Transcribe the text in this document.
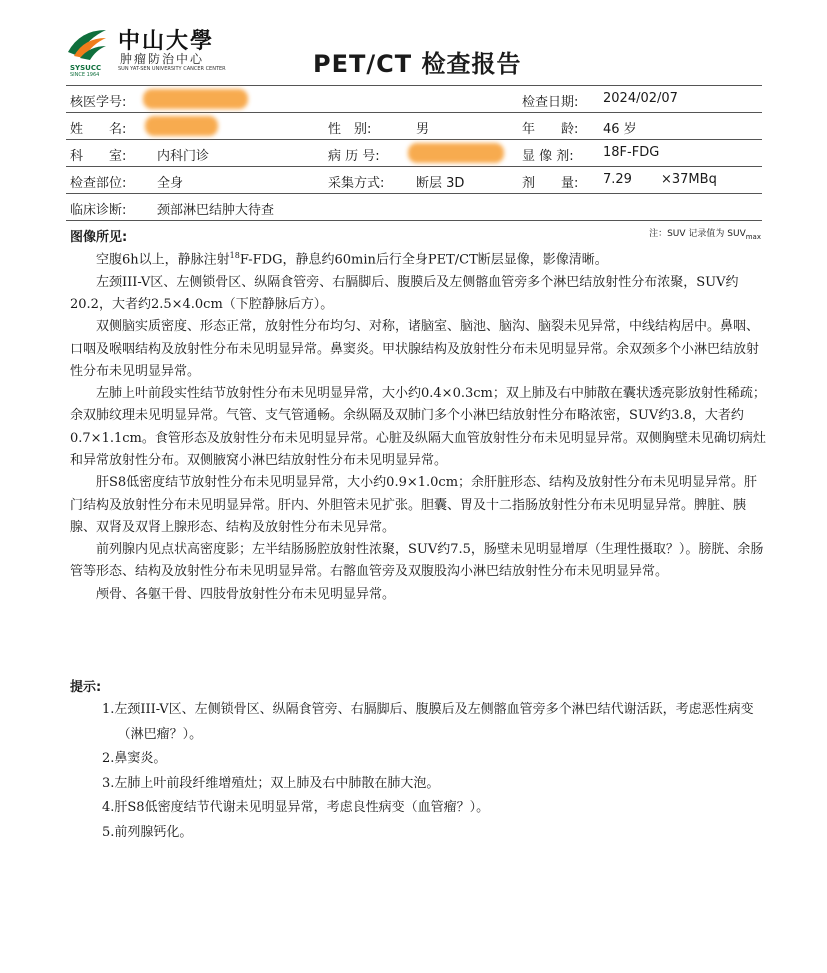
中山大學
肿瘤防治中心
SUN YAT-SEN UNIVERSITY CANCER CENTER
SYSUCC
SINCE 1964	PET/CT 检查报告
核医学号:	检查日期: 2024/02/07
姓　　名:	性　别:	男	年　　龄: 46 岁
科　　室: 内科门诊	病 历 号:	显 像 剂: 18F-FDG
检查部位: 全身	采集方式: 断层 3D	剂　　量: 7.29 ×37MBq
临床诊断: 颈部淋巴结肿大待查
图像所见:	注：SUV 记录值为 $SUV_{max}$

空腹6h以上，静脉注射$^{18}$F-FDG，静息约60min后行全身PET/CT断层显像，影像清晰。

左颈III-V区、左侧锁骨区、纵隔食管旁、右膈脚后、腹膜后及左侧髂血管旁多个淋巴结放射性分布浓聚，SUV约20.2，大者约2.5×4.0cm（下腔静脉后方）。

双侧脑实质密度、形态正常，放射性分布均匀、对称，诸脑室、脑池、脑沟、脑裂未见异常，中线结构居中。鼻咽、口咽及喉咽结构及放射性分布未见明显异常。鼻窦炎。甲状腺结构及放射性分布未见明显异常。余双颈多个小淋巴结放射性分布未见明显异常。

左肺上叶前段实性结节放射性分布未见明显异常，大小约0.4×0.3cm；双上肺及右中肺散在囊状透亮影放射性稀疏；余双肺纹理未见明显异常。气管、支气管通畅。余纵隔及双肺门多个小淋巴结放射性分布略浓密，SUV约3.8，大者约0.7×1.1cm。食管形态及放射性分布未见明显异常。心脏及纵隔大血管放射性分布未见明显异常。双侧胸壁未见确切病灶和异常放射性分布。双侧腋窝小淋巴结放射性分布未见明显异常。

肝S8低密度结节放射性分布未见明显异常，大小约0.9×1.0cm；余肝脏形态、结构及放射性分布未见明显异常。肝门结构及放射性分布未见明显异常。肝内、外胆管未见扩张。胆囊、胃及十二指肠放射性分布未见明显异常。脾脏、胰腺、双肾及双肾上腺形态、结构及放射性分布未见异常。

前列腺内见点状高密度影；左半结肠肠腔放射性浓聚，SUV约7.5，肠壁未见明显增厚（生理性摄取？）。膀胱、余肠管等形态、结构及放射性分布未见明显异常。右髂血管旁及双腹股沟小淋巴结放射性分布未见明显异常。

颅骨、各躯干骨、四肢骨放射性分布未见明显异常。

提示:

1.左颈III-V区、左侧锁骨区、纵隔食管旁、右膈脚后、腹膜后及左侧髂血管旁多个淋巴结代谢活跃，考虑恶性病变（淋巴瘤？）。

2.鼻窦炎。

3.左肺上叶前段纤维增殖灶；双上肺及右中肺散在肺大泡。

4.肝S8低密度结节代谢未见明显异常，考虑良性病变（血管瘤？）。

5.前列腺钙化。
